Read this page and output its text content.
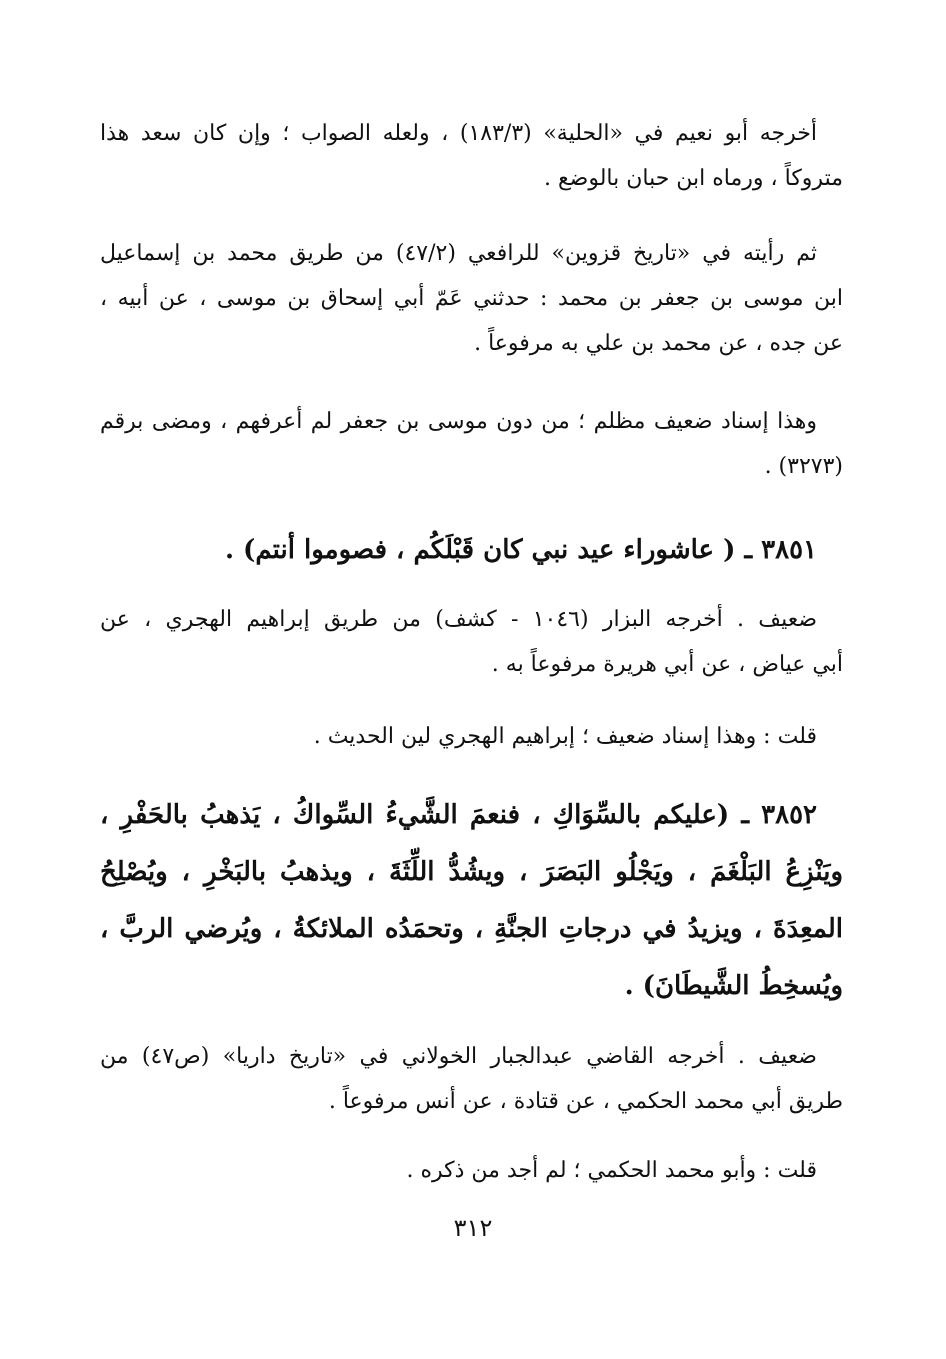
أخرجه أبو نعيم في «الحلية» (١٨٣/٣) ، ولعله الصواب ؛ وإن كان سعد هذا
متروكاً ، ورماه ابن حبان بالوضع .
ثم رأيته في «تاريخ قزوين» للرافعي (٤٧/٢) من طريق محمد بن إسماعيل
ابن موسى بن جعفر بن محمد : حدثني عَمّ أبي إسحاق بن موسى ، عن أبيه ،
عن جده ، عن محمد بن علي به مرفوعاً .
وهذا إسناد ضعيف مظلم ؛ من دون موسى بن جعفر لم أعرفهم ، ومضى برقم
(٣٢٧٣) .
٣٨٥١ ـ ( عاشوراء عيد نبي كان قَبْلَكُم ، فصوموا أنتم) .
ضعيف . أخرجه البزار (١٠٤٦ - كشف) من طريق إبراهيم الهجري ، عن
أبي عياض ، عن أبي هريرة مرفوعاً به .
قلت : وهذا إسناد ضعيف ؛ إبراهيم الهجري لين الحديث .
٣٨٥٢ ـ (عليكم بالسِّوَاكِ ، فنعمَ الشَّيءُ السِّواكُ ، يَذهبُ بالحَفْرِ ،
ويَنْزِعُ البَلْغَمَ ، ويَجْلُو البَصَرَ ، ويشُدُّ اللِّثَةَ ، ويذهبُ بالبَخْرِ ، ويُصْلِحُ
المعِدَةَ ، ويزيدُ في درجاتِ الجنَّةِ ، وتحمَدُه الملائكةُ ، ويُرضي الربَّ ،
ويُسخِطُ الشَّيطَانَ) .
ضعيف . أخرجه القاضي عبدالجبار الخولاني في «تاريخ داريا» (ص٤٧) من
طريق أبي محمد الحكمي ، عن قتادة ، عن أنس مرفوعاً .
قلت : وأبو محمد الحكمي ؛ لم أجد من ذكره .
٣١٢
